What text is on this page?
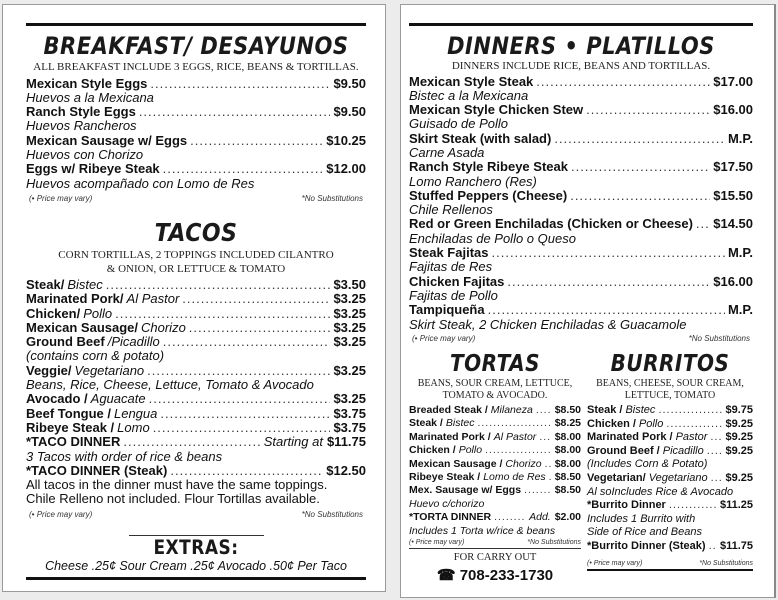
BREAKFAST/ DESAYUNOS
ALL BREAKFAST INCLUDE 3 EGGS, RICE, BEANS & TORTILLAS.
Mexican Style Eggs .....	$9.50
Huevos a la Mexicana
Ranch Style Eggs .....	$9.50
Huevos Rancheros
Mexican Sausage w/ Eggs .....	$10.25
Huevos con Chorizo
Eggs w/ Ribeye Steak .....	$12.00
Huevos acompañado con Lomo de Res
(• Price may vary)	*No Substitutions
TACOS
CORN TORTILLAS, 2 TOPPINGS INCLUDED CILANTRO & ONION, OR LETTUCE & TOMATO
Steak/ Bistec .....	$3.50
Marinated Pork/ Al Pastor .....	$3.25
Chicken/ Pollo .....	$3.25
Mexican Sausage/ Chorizo .....	$3.25
Ground Beef /Picadillo .....	$3.25
(contains corn & potato)
Veggie/ Vegetariano .....	$3.25
Beans, Rice, Cheese, Lettuce, Tomato & Avocado
Avocado / Aguacate .....	$3.25
Beef Tongue / Lengua .....	$3.75
Ribeye Steak / Lomo .....	$3.75
*TACO DINNER .....	Starting at $11.75
3 Tacos with order of rice & beans
*TACO DINNER (Steak) .....	$12.50
All tacos in the dinner must have the same toppings.
Chile Relleno not included. Flour Tortillas available.
(• Price may vary)	*No Substitutions
EXTRAS:
Cheese .25¢ Sour Cream .25¢ Avocado .50¢ Per Taco
DINNERS • PLATILLOS
DINNERS INCLUDE RICE, BEANS AND TORTILLAS.
Mexican Style Steak .....	$17.00
Bistec a la Mexicana
Mexican Style Chicken Stew .....	$16.00
Guisado de Pollo
Skirt Steak (with salad) .....	M.P.
Carne Asada
Ranch Style Ribeye Steak .....	$17.50
Lomo Ranchero (Res)
Stuffed Peppers (Cheese) .....	$15.50
Chile Rellenos
Red or Green Enchiladas (Chicken or Cheese) ..... $14.50
Enchiladas de Pollo o Queso
Steak Fajitas .....	M.P.
Fajitas de Res
Chicken Fajitas .....	$16.00
Fajitas de Pollo
Tampiqueña .....	M.P.
Skirt Steak, 2 Chicken Enchiladas & Guacamole
(• Price may vary)	*No Substitutions
TORTAS
BEANS, SOUR CREAM, LETTUCE, TOMATO & AVOCADO.
Breaded Steak / Milaneza ..... $8.50
Steak / Bistec .....	$8.25
Marinated Pork / Al Pastor ..... $8.00
Chicken / Pollo .....	$8.00
Mexican Sausage / Chorizo ..... $8.00
Ribeye Steak / Lomo de Res ..... $8.50
Mex. Sausage w/ Eggs .....	$8.50
Huevo c/chorizo
*TORTA DINNER .....	Add. $2.00
Includes 1 Torta w/rice & beans
(• Price may vary)	*No Substitutions
FOR CARRY OUT
☎ 708-233-1730
BURRITOS
BEANS, CHEESE, SOUR CREAM, LETTUCE, TOMATO
Steak / Bistec .....	$9.75
Chicken / Pollo .....	$9.25
Marinated Pork / Pastor ..... $9.25
Ground Beef / Picadillo ..... $9.25
(Includes Corn & Potato)
Vegetarian/ Vegetariano ..... $9.25
Al soIncludes Rice & Avocado
*Burrito Dinner .....	$11.25
Includes 1 Burrito with
Side of Rice and Beans
*Burrito Dinner (Steak) ..... $11.75
(• Price may vary)	*No Substitutions
